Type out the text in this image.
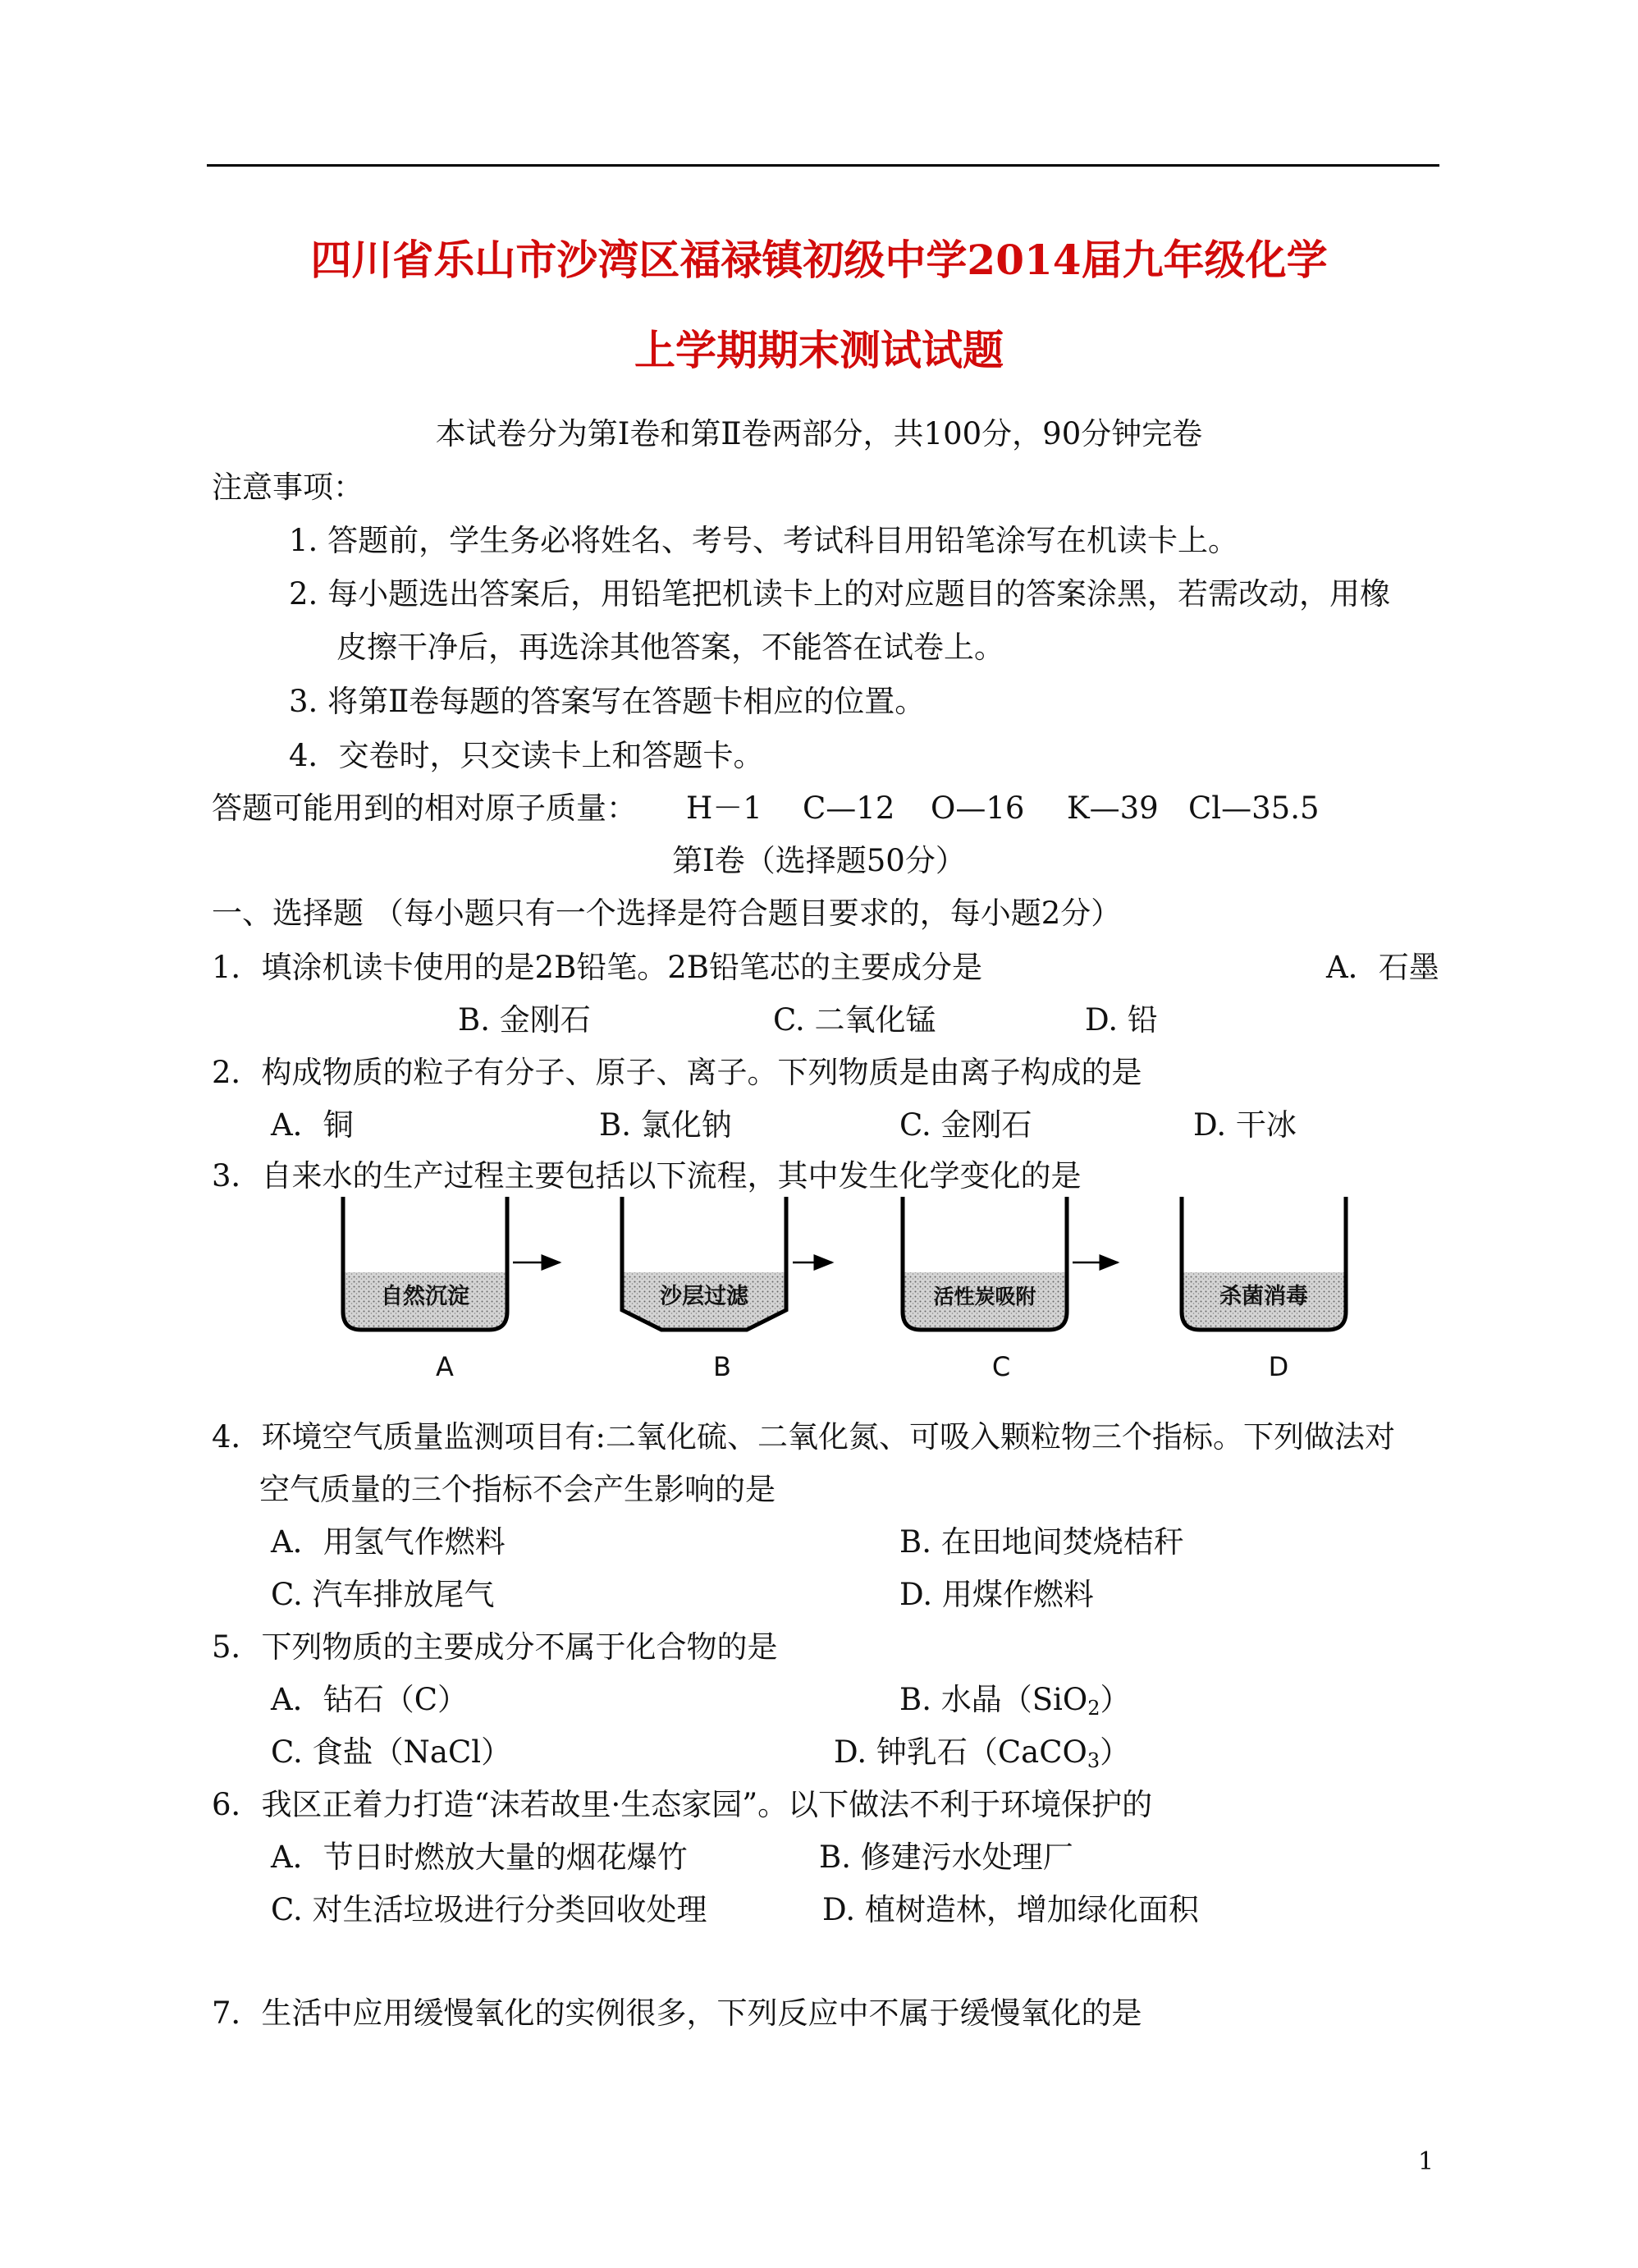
四川省乐山市沙湾区福禄镇初级中学2014届九年级化学
上学期期末测试试题
本试卷分为第Ⅰ卷和第Ⅱ卷两部分，共100分，90分钟完卷
注意事项：
1. 答题前，学生务必将姓名、考号、考试科目用铅笔涂写在机读卡上。
2. 每小题选出答案后，用铅笔把机读卡上的对应题目的答案涂黑，若需改动，用橡
皮擦干净后，再选涂其他答案，不能答在试卷上。
3. 将第Ⅱ卷每题的答案写在答题卡相应的位置。
4．交卷时，只交读卡上和答题卡。
答题可能用到的相对原子质量： H－1 C—12 O—16 K—39 Cl—35.5
第Ⅰ卷（选择题50分）
一、选择题 （每小题只有一个选择是符合题目要求的，每小题2分）
1．填涂机读卡使用的是2B铅笔。2B铅笔芯的主要成分是	A．石墨
B. 金刚石	C. 二氧化锰	D. 铅
2．构成物质的粒子有分子、原子、离子。下列物质是由离子构成的是
A．铜	B. 氯化钠	C. 金刚石	D. 干冰
3．自来水的生产过程主要包括以下流程，其中发生化学变化的是
自然沉淀	沙层过滤	活性炭吸附	杀菌消毒
A	B	C	D
4．环境空气质量监测项目有:二氧化硫、二氧化氮、可吸入颗粒物三个指标。下列做法对
空气质量的三个指标不会产生影响的是
A．用氢气作燃料	B. 在田地间焚烧桔秆
C. 汽车排放尾气	D. 用煤作燃料
5．下列物质的主要成分不属于化合物的是
A．钻石（C）	B. 水晶（SiO$_2$）
C. 食盐（NaCl）	D. 钟乳石（CaCO$_3$）
6．我区正着力打造“沫若故里·生态家园”。以下做法不利于环境保护的
A．节日时燃放大量的烟花爆竹	B. 修建污水处理厂
C. 对生活垃圾进行分类回收处理	D. 植树造林，增加绿化面积
7．生活中应用缓慢氧化的实例很多，下列反应中不属于缓慢氧化的是
1
